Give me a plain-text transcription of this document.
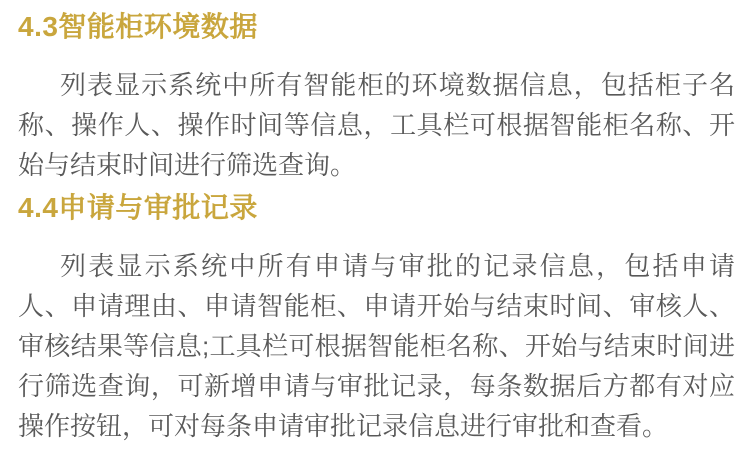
4.3智能柜环境数据

列表显示系统中所有智能柜的环境数据信息，包括柜子名称、操作人、操作时间等信息，工具栏可根据智能柜名称、开始与结束时间进行筛选查询。

4.4申请与审批记录

列表显示系统中所有申请与审批的记录信息，包括申请人、申请理由、申请智能柜、申请开始与结束时间、审核人、审核结果等信息;工具栏可根据智能柜名称、开始与结束时间进行筛选查询，可新增申请与审批记录，每条数据后方都有对应操作按钮，可对每条申请审批记录信息进行审批和查看。
